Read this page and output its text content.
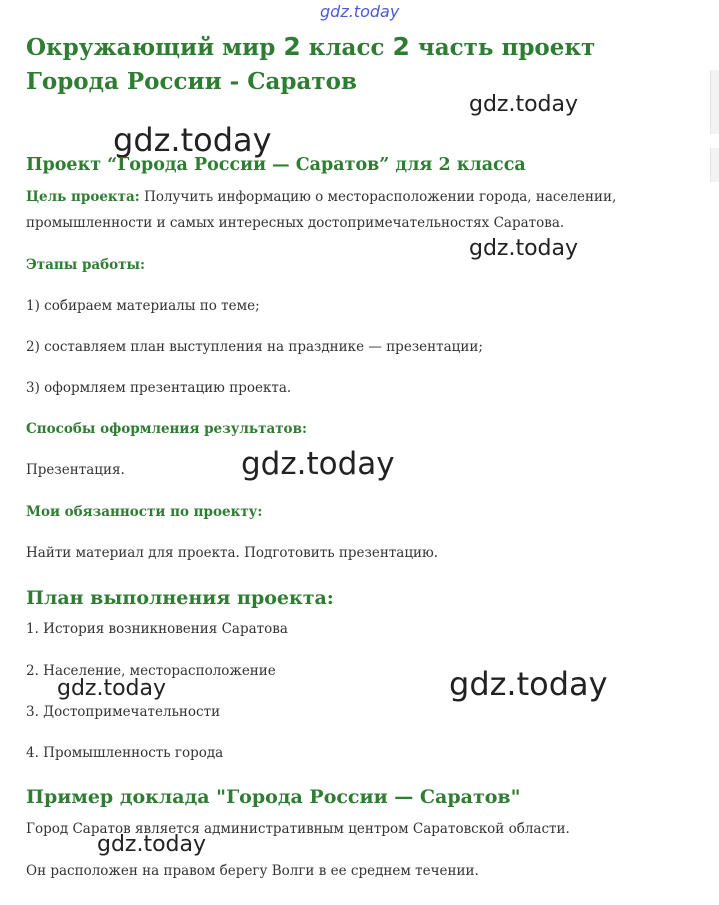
gdz.today
gdz.today
gdz.today
gdz.today
gdz.today
gdz.today
gdz.today
gdz.today
Окружающий мир 2 класс 2 часть проект Города России - Саратов
Проект “Города России — Саратов” для 2 класса

Цель проекта: Получить информацию о месторасположении города, населении, промышленности и самых интересных достопримечательностях Саратова.

Этапы работы:
1) собираем материалы по теме;
2) составляем план выступления на празднике — презентации;
3) оформляем презентацию проекта.
Способы оформления результатов:
Презентация.
Мои обязанности по проекту:
Найти материал для проекта. Подготовить презентацию.
План выполнения проекта:
1. История возникновения Саратова
2. Население, месторасположение
3. Достопримечательности
4. Промышленность города
Пример доклада "Города России — Саратов"
Город Саратов является административным центром Саратовской области.
Он расположен на правом берегу Волги в ее среднем течении.
